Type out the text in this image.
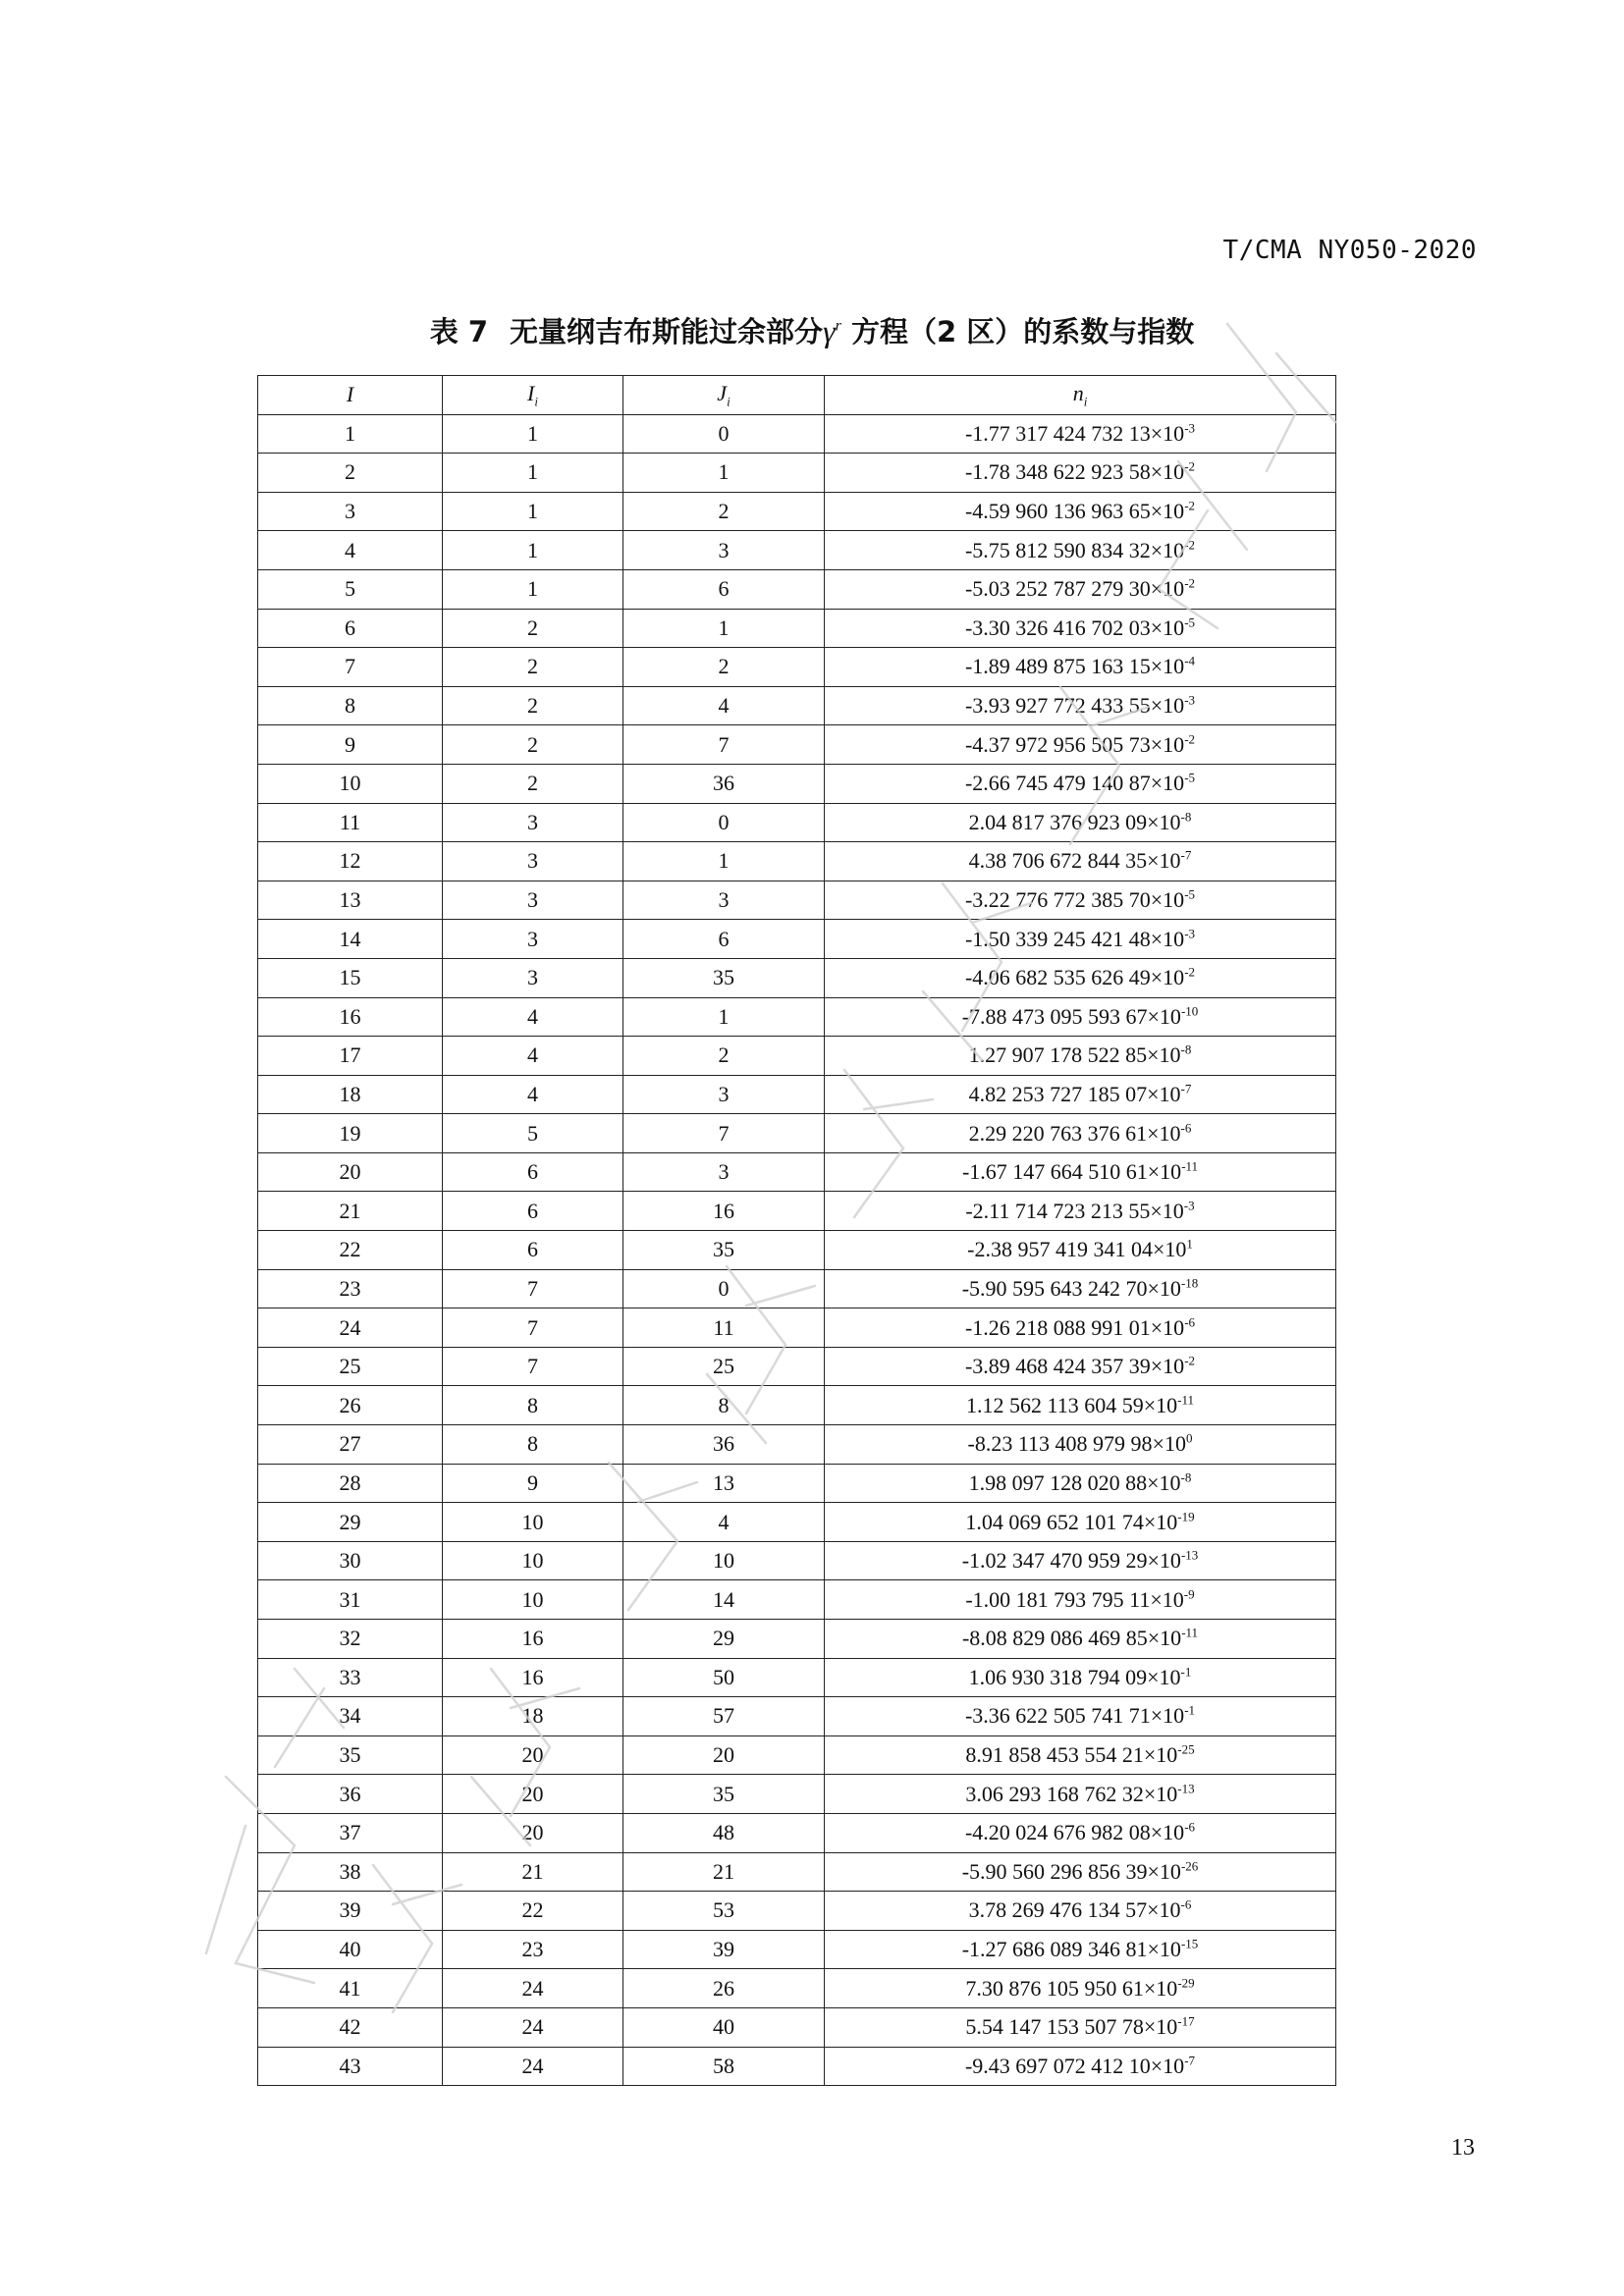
T/CMA NY050-2020
表 7 无量纲吉布斯能过余部分$\gamma^r$ 方程（2 区）的系数与指数
I	$I_i$	$J_i$	$n_i$
1	1	0	-1.77 317 424 732 $13\times 10^{-3}$
2	1	1	-1.78 348 622 923 $58\times 10^{-2}$
3	1	2	-4.59 960 136 963 $65\times 10^{-2}$
4	1	3	-5.75 812 590 834 $32\times 10^{-2}$
5	1	6	-5.03 252 787 279 $30\times 10^{-2}$
6	2	1	-3.30 326 416 702 $03\times 10^{-5}$
7	2	2	-1.89 489 875 163 $15\times 10^{-4}$
8	2	4	-3.93 927 772 433 $55\times 10^{-3}$
9	2	7	-4.37 972 956 505 $73\times 10^{-2}$
10	2	36	-2.66 745 479 140 $87\times 10^{-5}$
11	3	0	2.04 817 376 923 $09\times 10^{-8}$
12	3	1	4.38 706 672 844 $35\times 10^{-7}$
13	3	3	-3.22 776 772 385 $70\times 10^{-5}$
14	3	6	-1.50 339 245 421 $48\times 10^{-3}$
15	3	35	-4.06 682 535 626 $49\times 10^{-2}$
16	4	1	-7.88 473 095 593 $67\times 10^{-10}$
17	4	2	1.27 907 178 522 $85\times 10^{-8}$
18	4	3	4.82 253 727 185 $07\times 10^{-7}$
19	5	7	2.29 220 763 376 $61\times 10^{-6}$
20	6	3	-1.67 147 664 510 $61\times 10^{-11}$
21	6	16	-2.11 714 723 213 $55\times 10^{-3}$
22	6	35	-2.38 957 419 341 $04\times 10^1$
23	7	0	-5.90 595 643 242 $70\times 10^{-18}$
24	7	11	-1.26 218 088 991 $01\times 10^{-6}$
25	7	25	-3.89 468 424 357 $39\times 10^{-2}$
26	8	8	1.12 562 113 604 $59\times 10^{-11}$
27	8	36	-8.23 113 408 979 $98\times 10^0$
28	9	13	1.98 097 128 020 $88\times 10^{-8}$
29	10	4	1.04 069 652 101 $74\times 10^{-19}$
30	10	10	-1.02 347 470 959 $29\times 10^{-13}$
31	10	14	-1.00 181 793 795 $11\times 10^{-9}$
32	16	29	-8.08 829 086 469 $85\times 10^{-11}$
33	16	50	1.06 930 318 794 $09\times 10^{-1}$
34	18	57	-3.36 622 505 741 $71\times 10^{-1}$
35	20	20	8.91 858 453 554 $21\times 10^{-25}$
36	20	35	3.06 293 168 762 $32\times 10^{-13}$
37	20	48	-4.20 024 676 982 $08\times 10^{-6}$
38	21	21	-5.90 560 296 856 $39\times 10^{-26}$
39	22	53	3.78 269 476 134 $57\times 10^{-6}$
40	23	39	-1.27 686 089 346 $81\times 10^{-15}$
41	24	26	7.30 876 105 950 $61\times 10^{-29}$
42	24	40	5.54 147 153 507 $78\times 10^{-17}$
43	24	58	-9.43 697 072 412 $10\times 10^{-7}$
13
